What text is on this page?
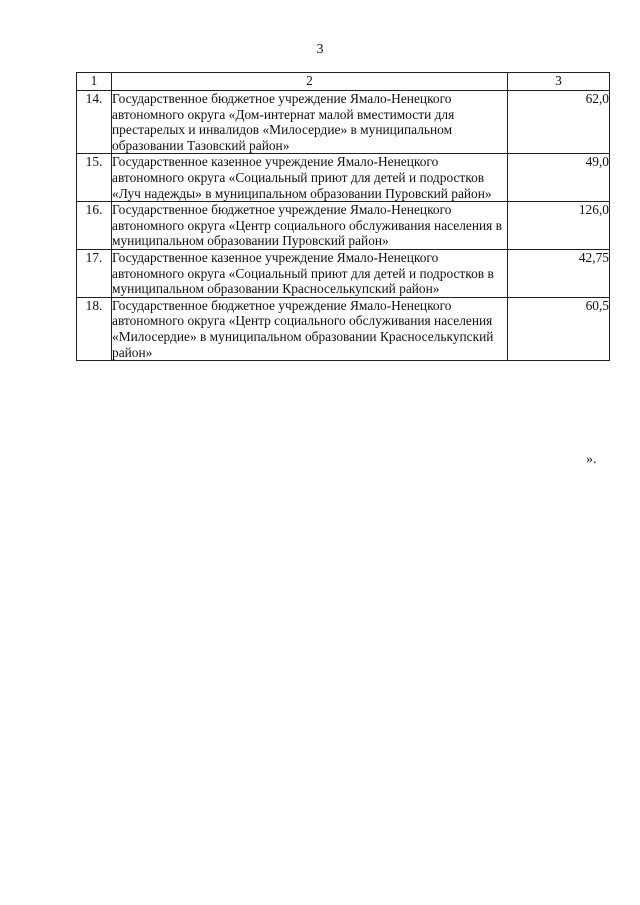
3
1	2	3
14.	Государственное бюджетное учреждение Ямало-Ненецкого автономного округа «Дом-интернат малой вместимости для престарелых и инвалидов «Милосердие» в муниципальном образовании Тазовский район»	62,0
15.	Государственное казенное учреждение Ямало-Ненецкого автономного округа «Социальный приют для детей и подростков «Луч надежды» в муниципальном образовании Пуровский район»	49,0
16.	Государственное бюджетное учреждение Ямало-Ненецкого автономного округа «Центр социального обслуживания населения в муниципальном образовании Пуровский район»	126,0
17.	Государственное казенное учреждение Ямало-Ненецкого автономного округа «Социальный приют для детей и подростков в муниципальном образовании Красноселькупский район»	42,75
18.	Государственное бюджетное учреждение Ямало-Ненецкого автономного округа «Центр социального обслуживания населения «Милосердие» в муниципальном образовании Красноселькупский район»	60,5
».
